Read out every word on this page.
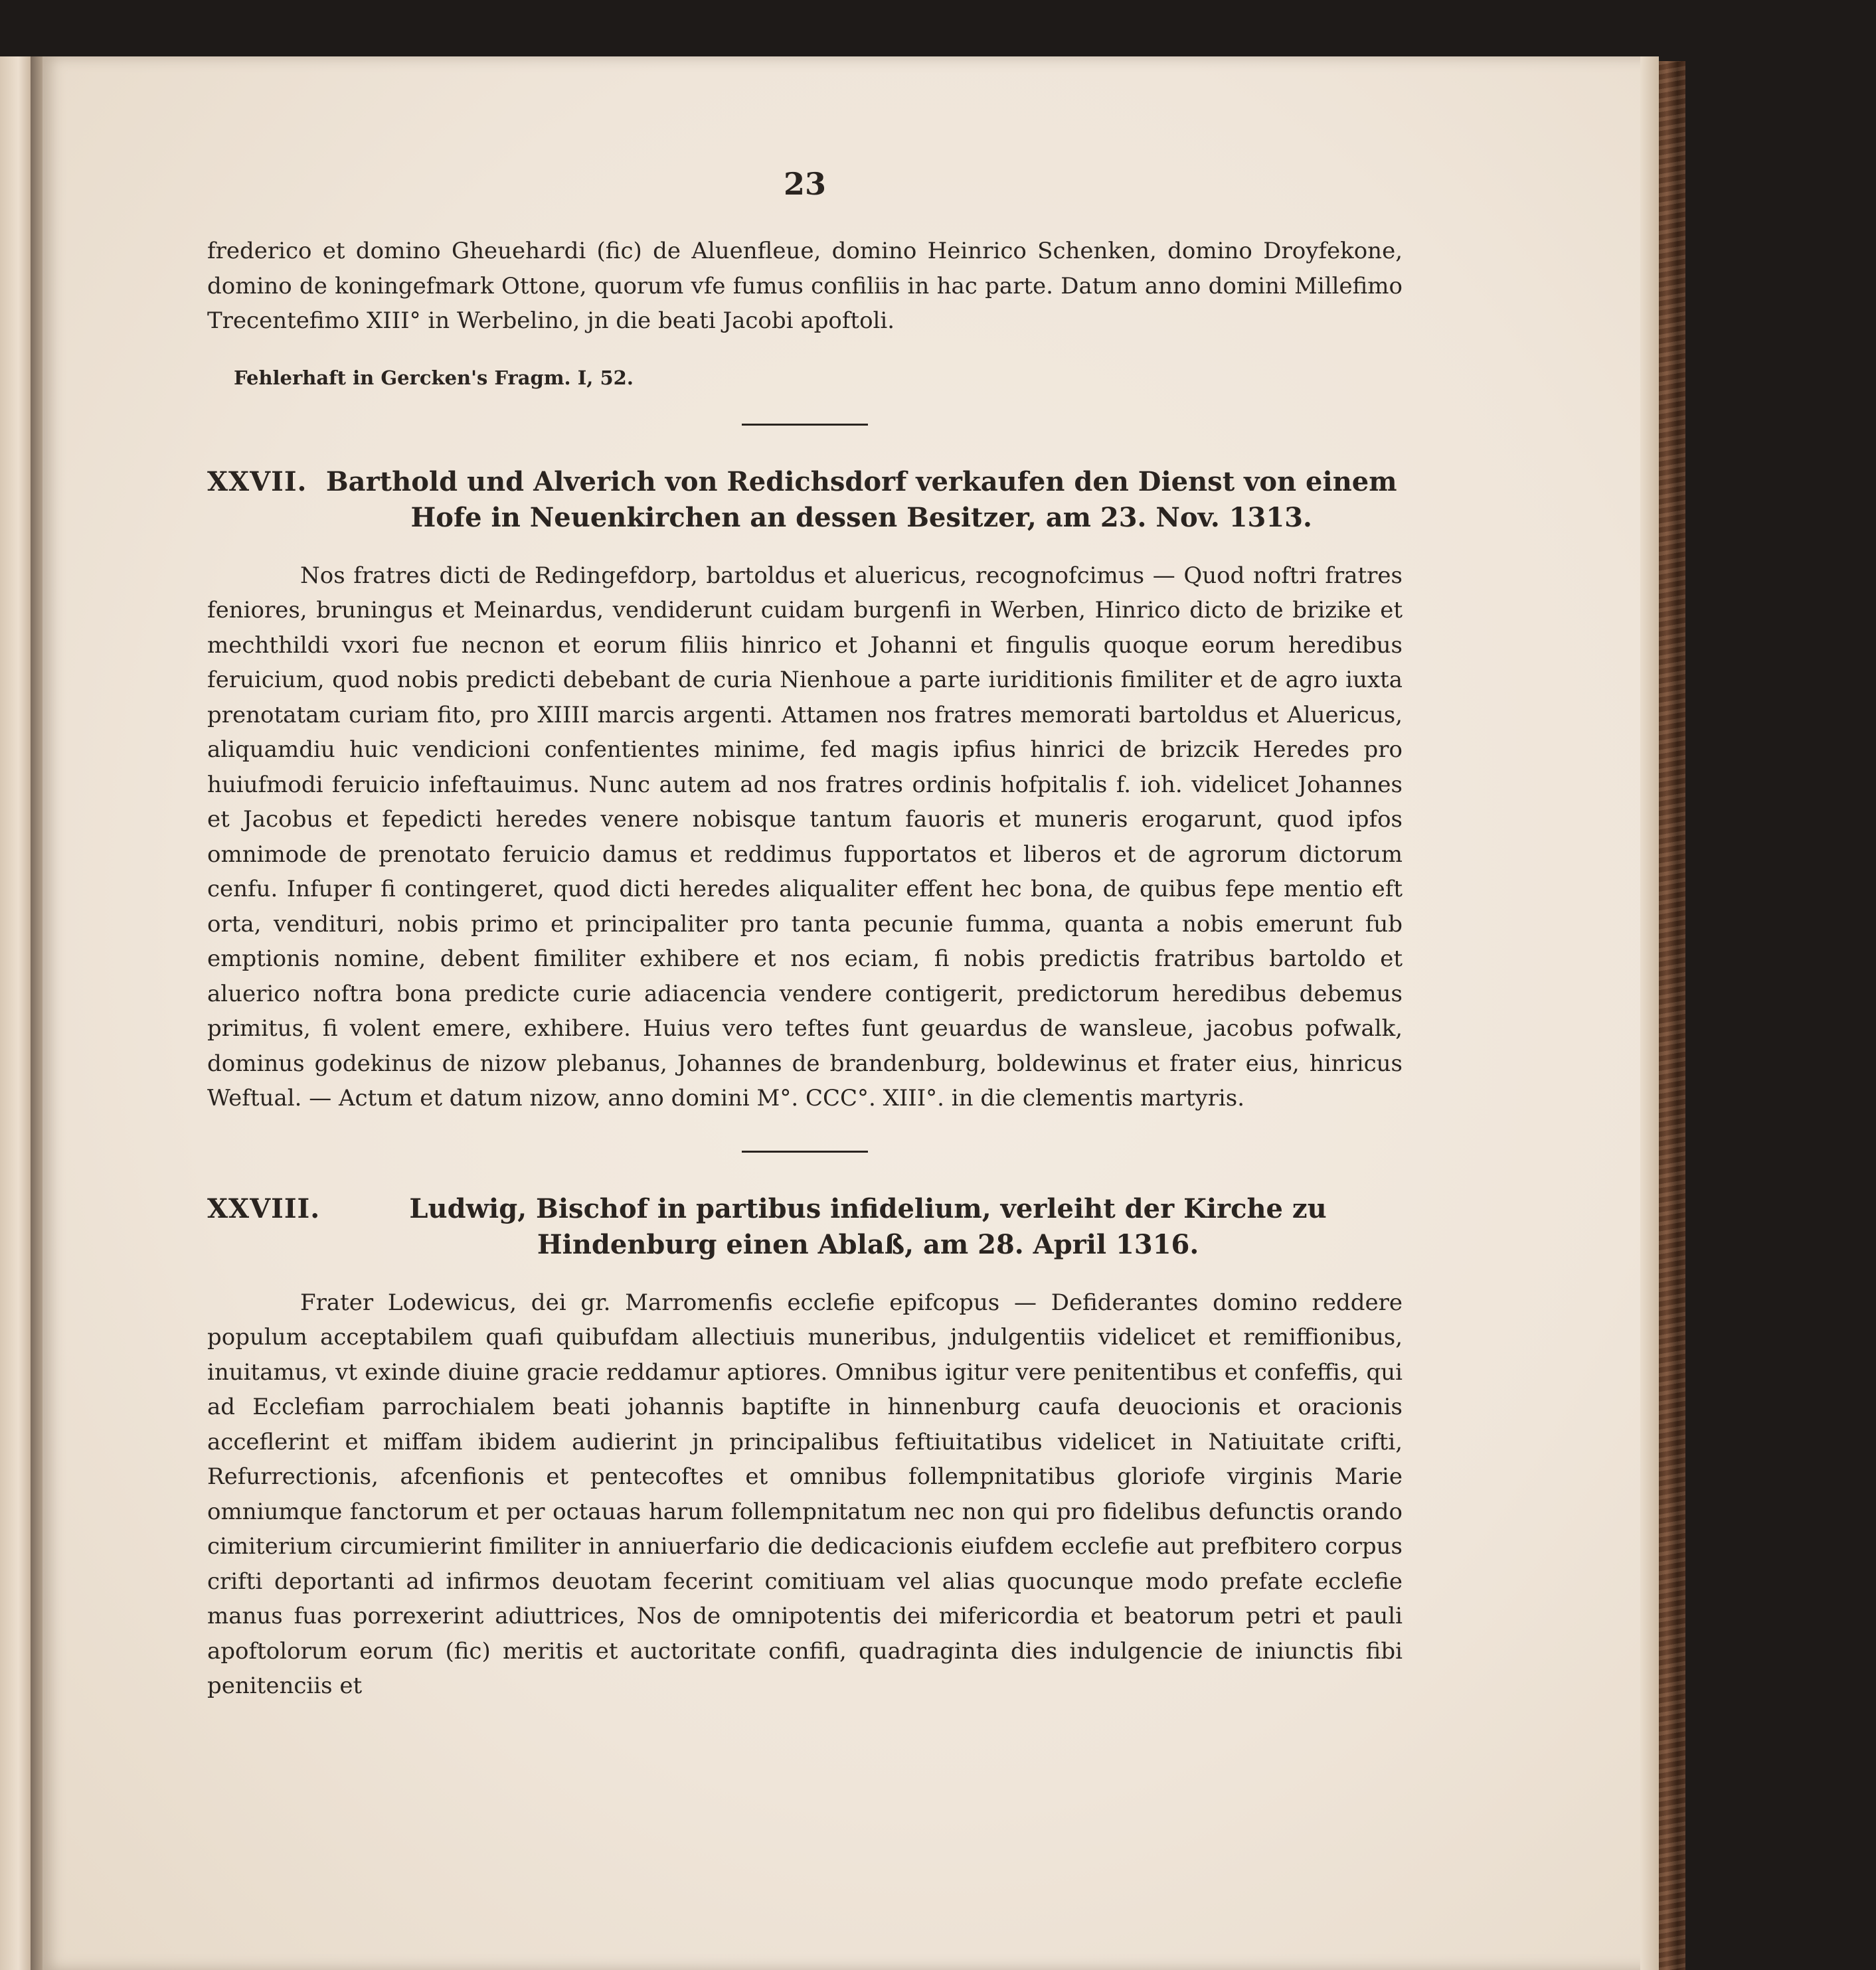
23

frederico et domino Gheuehardi (fic) de Aluenfleue, domino Heinrico Schenken, domino Droyfekone, domino de koningefmark Ottone, quorum vfe fumus confiliis in hac parte. Datum anno domini Millefimo Trecentefimo XIII° in Werbelino, jn die beati Jacobi apoftoli.

Fehlerhaft in Gercken's Fragm. I, 52.
XXVII. Barthold und Alverich von Redichsdorf verkaufen den Dienst von einem Hofe in Neuenkirchen an dessen Besitzer, am 23. Nov. 1313.

Nos fratres dicti de Redingefdorp, bartoldus et aluericus, recognofcimus — Quod noftri fratres feniores, bruningus et Meinardus, vendiderunt cuidam burgenfi in Werben, Hinrico dicto de brizike et mechthildi vxori fue necnon et eorum filiis hinrico et Johanni et fingulis quoque eorum heredibus feruicium, quod nobis predicti debebant de curia Nienhoue a parte iuriditionis fimiliter et de agro iuxta prenotatam curiam fito, pro XIIII marcis argenti. Attamen nos fratres memorati bartoldus et Aluericus, aliquamdiu huic vendicioni confentientes minime, fed magis ipfius hinrici de brizcik Heredes pro huiufmodi feruicio infeftauimus. Nunc autem ad nos fratres ordinis hofpitalis f. ioh. videlicet Johannes et Jacobus et fepedicti heredes venere nobisque tantum fauoris et muneris erogarunt, quod ipfos omnimode de prenotato feruicio damus et reddimus fupportatos et liberos et de agrorum dictorum cenfu. Infuper fi contingeret, quod dicti heredes aliqualiter effent hec bona, de quibus fepe mentio eft orta, vendituri, nobis primo et principaliter pro tanta pecunie fumma, quanta a nobis emerunt fub emptionis nomine, debent fimiliter exhibere et nos eciam, fi nobis predictis fratribus bartoldo et aluerico noftra bona predicte curie adiacencia vendere contigerit, predictorum heredibus debemus primitus, fi volent emere, exhibere. Huius vero teftes funt geuardus de wansleue, jacobus pofwalk, dominus godekinus de nizow plebanus, Johannes de brandenburg, boldewinus et frater eius, hinricus Weftual. — Actum et datum nizow, anno domini M°. CCC°. XIII°. in die clementis martyris.

XXVIII.	Ludwig, Bischof in partibus infidelium, verleiht der Kirche zu Hindenburg einen Ablaß, am 28. April 1316.

Frater Lodewicus, dei gr. Marromenfis ecclefie epifcopus — Defiderantes domino reddere populum acceptabilem quafi quibufdam allectiuis muneribus, jndulgentiis videlicet et remiffionibus, inuitamus, vt exinde diuine gracie reddamur aptiores. Omnibus igitur vere penitentibus et confeffis, qui ad Ecclefiam parrochialem beati johannis baptifte in hinnenburg caufa deuocionis et oracionis acceflerint et miffam ibidem audierint jn principalibus feftiuitatibus videlicet in Natiuitate crifti, Refurrectionis, afcenfionis et pentecoftes et omnibus follempnitatibus gloriofe virginis Marie omniumque fanctorum et per octauas harum follempnitatum nec non qui pro fidelibus defunctis orando cimiterium circumierint fimiliter in anniuerfario die dedicacionis eiufdem ecclefie aut prefbitero corpus crifti deportanti ad infirmos deuotam fecerint comitiuam vel alias quocunque modo prefate ecclefie manus fuas porrexerint adiuttrices, Nos de omnipotentis dei mifericordia et beatorum petri et pauli apoftolorum eorum (fic) meritis et auctoritate confifi, quadraginta dies indulgencie de iniunctis fibi penitenciis et
